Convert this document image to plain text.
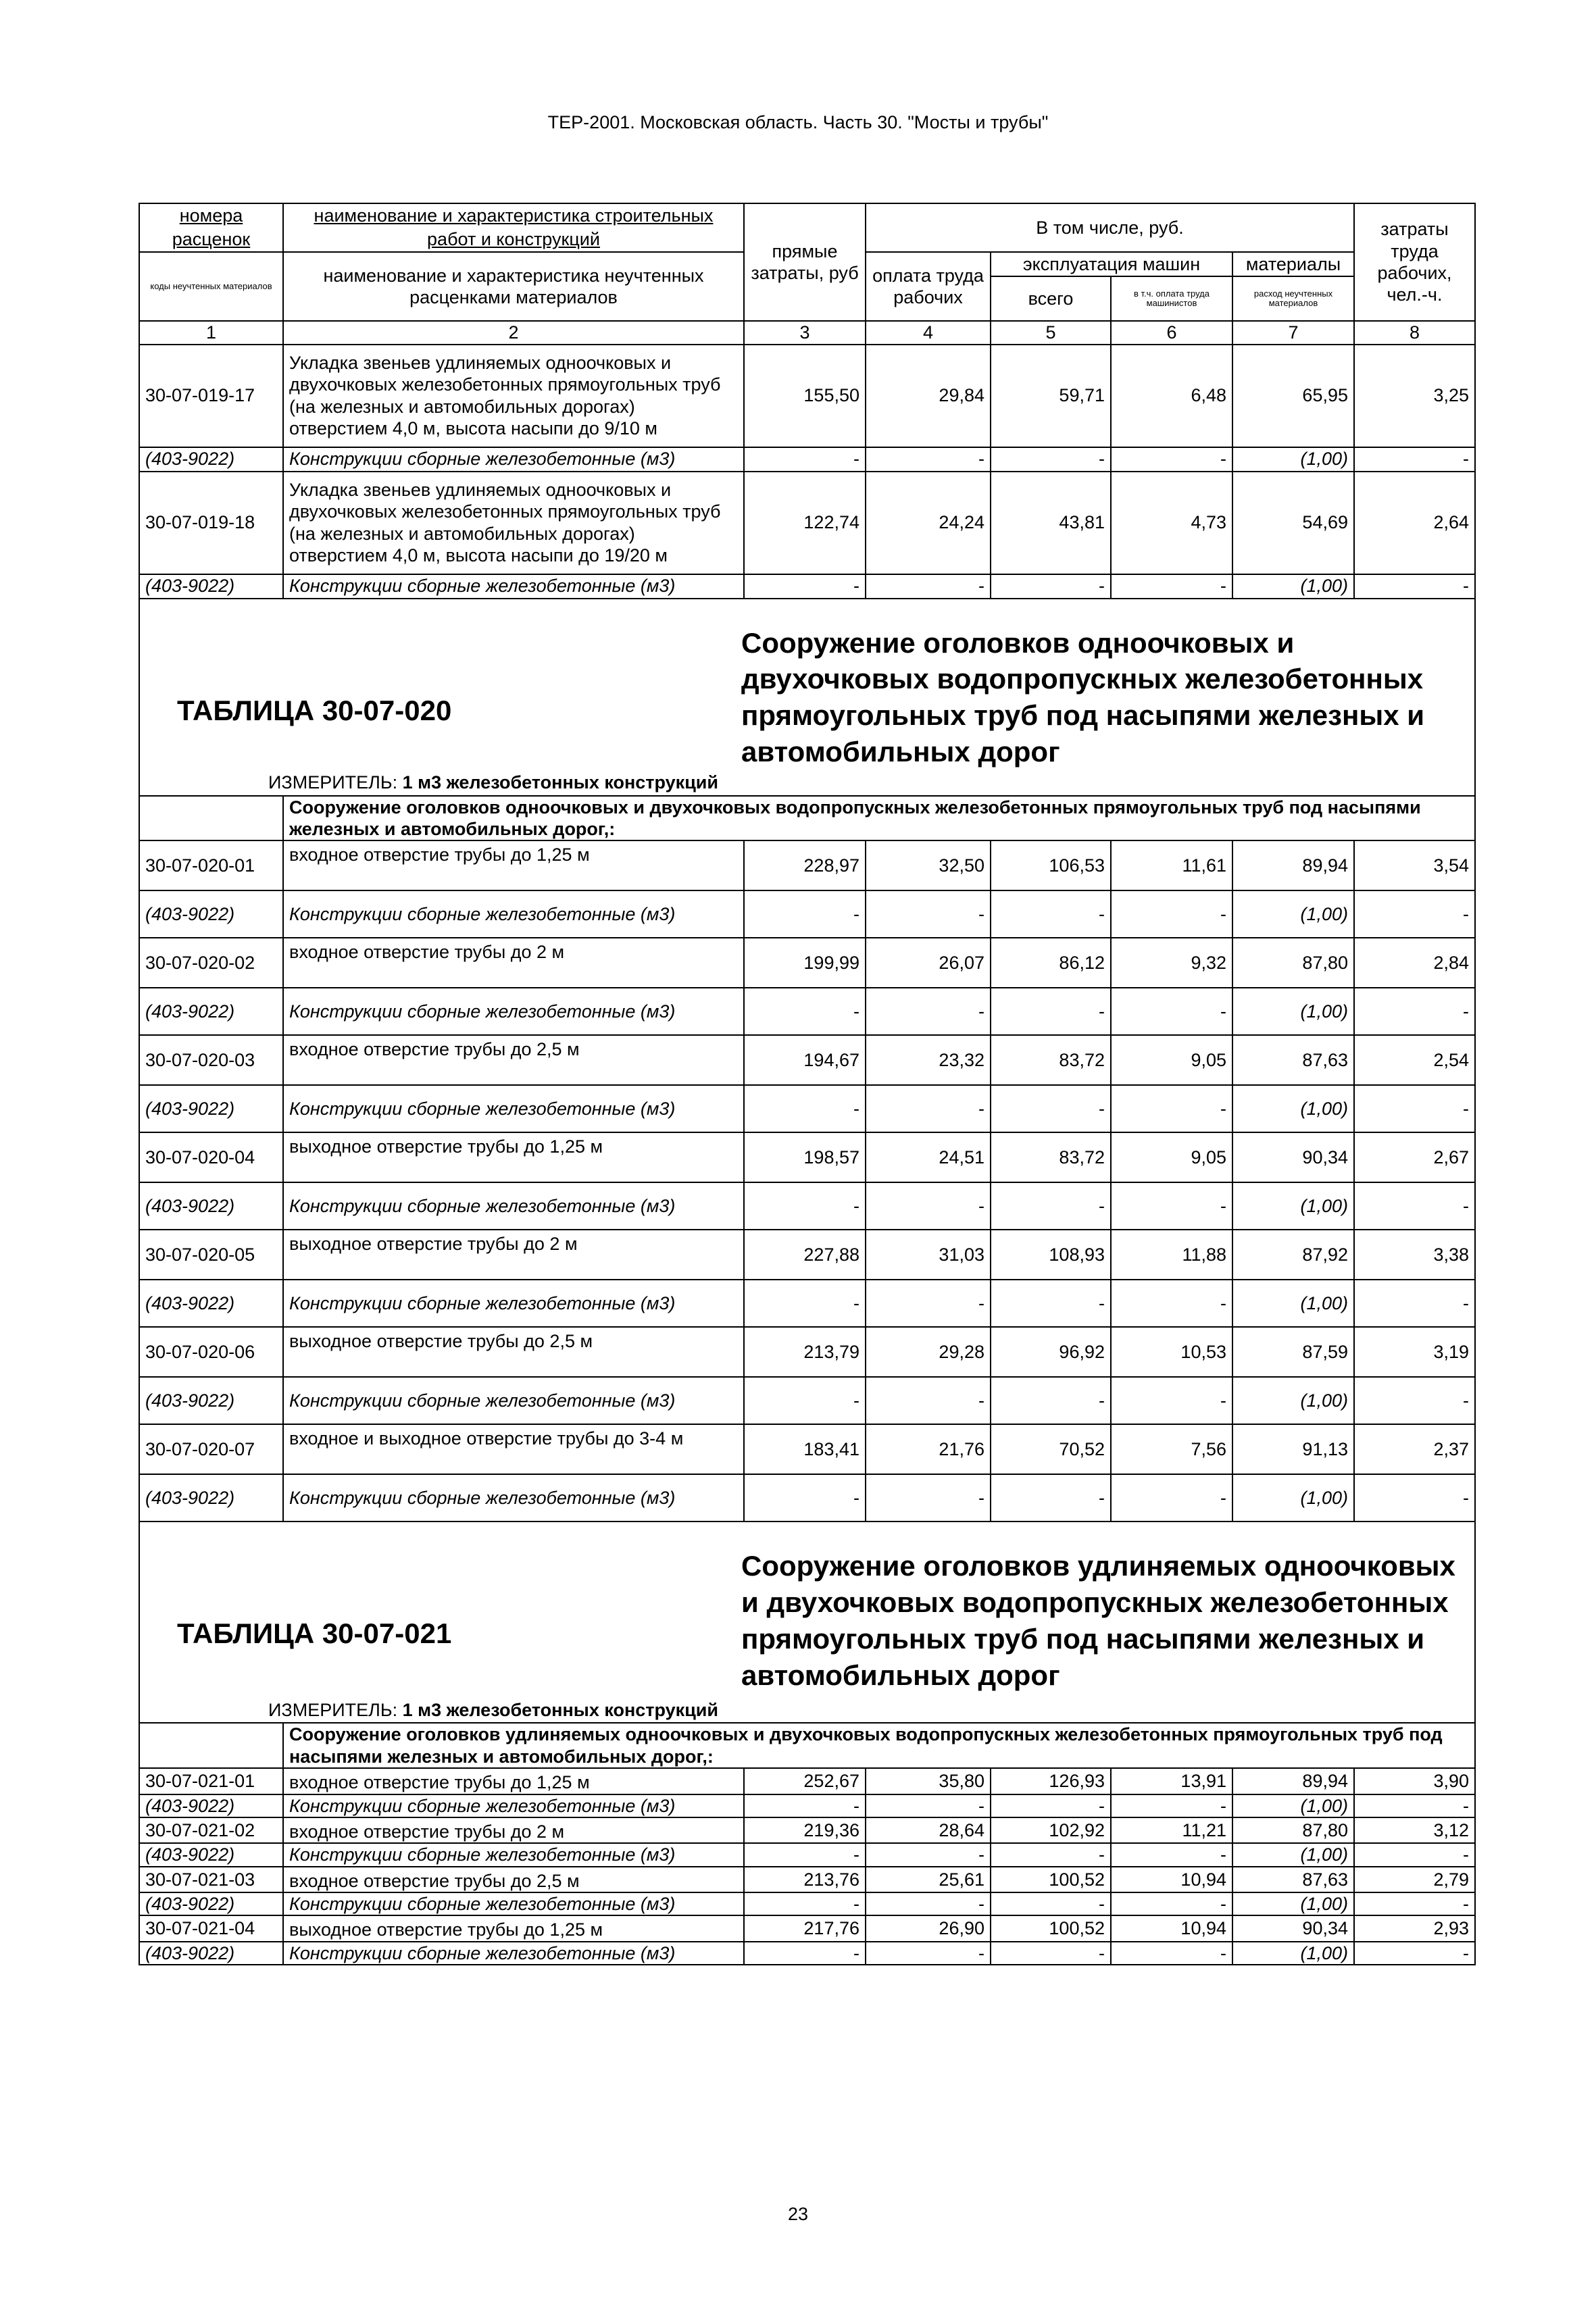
ТЕР-2001. Московская область. Часть 30. "Мосты и трубы"
номера расценок	наименование и характеристика строительных работ и конструкций	прямые затраты, руб	В том числе, руб.				затраты труда рабочих, чел.-ч.
коды неучтенных материалов	наименование и характеристика неучтенных расценками материалов		оплата труда рабочих	эксплуатация машин		материалы	
				всего	в т.ч. оплата труда машинистов	расход неучтенных материалов	
1	2	3	4	5	6	7	8
30-07-019-17	Укладка звеньев удлиняемых одноочковых и двухочковых железобетонных прямоугольных труб (на железных и автомобильных дорогах) отверстием 4,0 м, высота насыпи до 9/10 м	155,50	29,84	59,71	6,48	65,95	3,25
(403-9022)	Конструкции сборные железобетонные (м3)	-	-	-	-	(1,00)	-
30-07-019-18	Укладка звеньев удлиняемых одноочковых и двухочковых железобетонных прямоугольных труб (на железных и автомобильных дорогах) отверстием 4,0 м, высота насыпи до 19/20 м	122,74	24,24	43,81	4,73	54,69	2,64
(403-9022)	Конструкции сборные железобетонные (м3)	-	-	-	-	(1,00)	-

ТАБЛИЦА 30-07-020
Сооружение оголовков одноочковых и двухочковых водопропускных железобетонных прямоугольных труб под насыпями железных и автомобильных дорог
ИЗМЕРИТЕЛЬ: 1 м3 железобетонных конструкций							

	Сооружение оголовков одноочковых и двухочковых водопропускных железобетонных прямоугольных труб под насыпями железных и автомобильных дорог,:						
30-07-020-01	входное отверстие трубы до 1,25 м	228,97	32,50	106,53	11,61	89,94	3,54
(403-9022)	Конструкции сборные железобетонные (м3)	-	-	-	-	(1,00)	-
30-07-020-02	входное отверстие трубы до 2 м	199,99	26,07	86,12	9,32	87,80	2,84
(403-9022)	Конструкции сборные железобетонные (м3)	-	-	-	-	(1,00)	-
30-07-020-03	входное отверстие трубы до 2,5 м	194,67	23,32	83,72	9,05	87,63	2,54
(403-9022)	Конструкции сборные железобетонные (м3)	-	-	-	-	(1,00)	-
30-07-020-04	выходное отверстие трубы до 1,25 м	198,57	24,51	83,72	9,05	90,34	2,67
(403-9022)	Конструкции сборные железобетонные (м3)	-	-	-	-	(1,00)	-
30-07-020-05	выходное отверстие трубы до 2 м	227,88	31,03	108,93	11,88	87,92	3,38
(403-9022)	Конструкции сборные железобетонные (м3)	-	-	-	-	(1,00)	-
30-07-020-06	выходное отверстие трубы до 2,5 м	213,79	29,28	96,92	10,53	87,59	3,19
(403-9022)	Конструкции сборные железобетонные (м3)	-	-	-	-	(1,00)	-
30-07-020-07	входное и выходное отверстие трубы до 3-4 м	183,41	21,76	70,52	7,56	91,13	2,37
(403-9022)	Конструкции сборные железобетонные (м3)	-	-	-	-	(1,00)	-

ТАБЛИЦА 30-07-021
Сооружение оголовков удлиняемых одноочковых и двухочковых водопропускных железобетонных прямоугольных труб под насыпями железных и автомобильных дорог
ИЗМЕРИТЕЛЬ: 1 м3 железобетонных конструкций							

	Сооружение оголовков удлиняемых одноочковых и двухочковых водопропускных железобетонных прямоугольных труб под насыпями железных и автомобильных дорог,:						
30-07-021-01	входное отверстие трубы до 1,25 м	252,67	35,80	126,93	13,91	89,94	3,90
(403-9022)	Конструкции сборные железобетонные (м3)	-	-	-	-	(1,00)	-
30-07-021-02	входное отверстие трубы до 2 м	219,36	28,64	102,92	11,21	87,80	3,12
(403-9022)	Конструкции сборные железобетонные (м3)	-	-	-	-	(1,00)	-
30-07-021-03	входное отверстие трубы до 2,5 м	213,76	25,61	100,52	10,94	87,63	2,79
(403-9022)	Конструкции сборные железобетонные (м3)	-	-	-	-	(1,00)	-
30-07-021-04	выходное отверстие трубы до 1,25 м	217,76	26,90	100,52	10,94	90,34	2,93
(403-9022)	Конструкции сборные железобетонные (м3)	-	-	-	-	(1,00)	-
23
